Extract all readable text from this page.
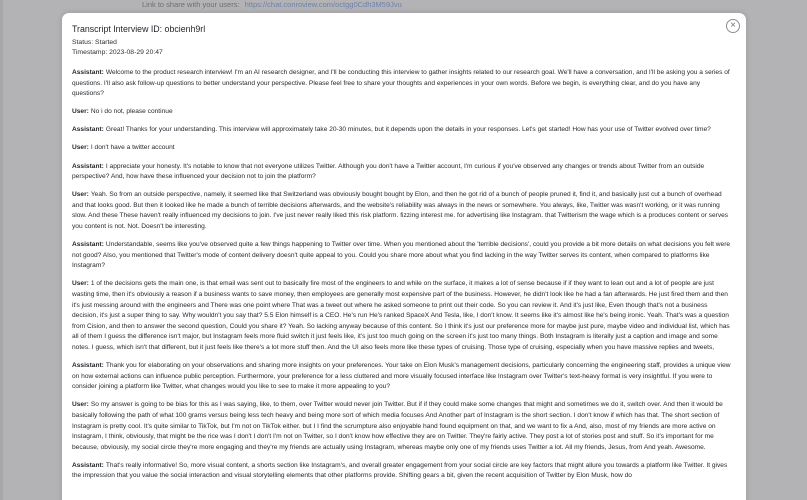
Link to share with your users: https://chat.conroview.com/octgg0Cdh3M59Jvu
×
Transcript Interview ID: obcienh9rl
Status: Started
Timestamp: 2023-08-29 20:47

Assistant: Welcome to the product research interview! I'm an AI research designer, and I'll be conducting this interview to gather insights related to our research goal. We'll have a conversation, and I'll be asking you a series of questions. I'll also ask follow-up questions to better understand your perspective. Please feel free to share your thoughts and experiences in your own words. Before we begin, is everything clear, and do you have any questions?

User: No i do not, please continue

Assistant: Great! Thanks for your understanding. This interview will approximately take 20-30 minutes, but it depends upon the details in your responses. Let's get started! How has your use of Twitter evolved over time?

User: I don't have a twitter account

Assistant: I appreciate your honesty. It's notable to know that not everyone utilizes Twitter. Although you don't have a Twitter account, I'm curious if you've observed any changes or trends about Twitter from an outside perspective? And, how have these influenced your decision not to join the platform?

User: Yeah. So from an outside perspective, namely, it seemed like that Switzerland was obviously bought bought by Elon, and then he got rid of a bunch of people pruned it, find it, and basically just cut a bunch of overhead and that looks good. But then it looked like he made a bunch of terrible decisions afterwards, and the website's reliability was always in the news or somewhere. You always, like, Twitter was wasn't working, or it was running slow. And these These haven't really influenced my decisions to join. I've just never really liked this risk platform. fizzing interest me. for advertising like Instagram. that Twitterism the wage which is a produces content or serves you content is not. Not. Doesn't be interesting.

Assistant: Understandable, seems like you've observed quite a few things happening to Twitter over time. When you mentioned about the 'terrible decisions', could you provide a bit more details on what decisions you felt were not good? Also, you mentioned that Twitter's mode of content delivery doesn't quite appeal to you. Could you share more about what you find lacking in the way Twitter serves its content, when compared to platforms like Instagram?

User: 1 of the decisions gets the main one, is that email was sent out to basically fire most of the engineers to and while on the surface, it makes a lot of sense because if if they want to lean out and a lot of people are just wasting time, then it's obviously a reason if a business wants to save money, then employees are generally most expensive part of the business. However, he didn't look like he had a fan afterwards. He just fired them and then it's just messing around with the engineers and There was one point where That was a tweet out where he asked someone to print out their code. So you can review it. And it's just like, Even though that's not a business decision, it's just a super thing to say. Why wouldn't you say that? 5.5 Elon himself is a CEO. He's run He's ranked SpaceX And Tesla, like, I don't know. It seems like it's almost like he's being ironic. Yeah. That's was a question from Cision, and then to answer the second question, Could you share it? Yeah. So lacking anyway because of this content. So I think it's just our preference more for maybe just pure, maybe video and individual list, which has all of them I guess the difference isn't major, but Instagram feels more fluid switch it just feels like, it's just too much going on the screen it's just too many things. Both Instagram is literally just a caption and image and some notes. I guess, which isn't that different, but it just feels like there's a lot more stuff then. And the UI also feels more like these types of cruising. Those type of cruising, especially when you have massive replies and tweets,

Assistant: Thank you for elaborating on your observations and sharing more insights on your preferences. Your take on Elon Musk's management decisions, particularly concerning the engineering staff, provides a unique view on how external actions can influence public perception. Furthermore, your preference for a less cluttered and more visually focused interface like Instagram over Twitter's text-heavy format is very insightful. If you were to consider joining a platform like Twitter, what changes would you like to see to make it more appealing to you?

User: So my answer is going to be bias for this as I was saying, like, to them, over Twitter would never join Twitter. But if if they could make some changes that might and sometimes we do it, switch over. And then it would be basically following the path of what 100 grams versus being less tech heavy and being more sort of which media focuses And Another part of Instagram is the short section. I don't know if which has that. The short section of Instagram is pretty cool. It's quite similar to TikTok, but I'm not on TikTok either. but I I find the scrumpture also enjoyable hand found equipment on that, and we want to fix a And, also, most of my friends are more active on Instagram, I think, obviously, that might be the rice was I don't I don't I'm not on Twitter, so I don't know how effective they are on Twitter. They're fairly active. They post a lot of stories post and stuff. So it's important for me because, obviously, my social circle they're more engaging and they're my friends are actually using Instagram, whereas maybe only one of my friends uses Twitter a lot. All my friends, Jesus, from And yeah. Awesome.

Assistant: That's really informative! So, more visual content, a shorts section like Instagram's, and overall greater engagement from your social circle are key factors that might allure you towards a platform like Twitter. It gives the impression that you value the social interaction and visual storytelling elements that other platforms provide. Shifting gears a bit, given the recent acquisition of Twitter by Elon Musk, how do
